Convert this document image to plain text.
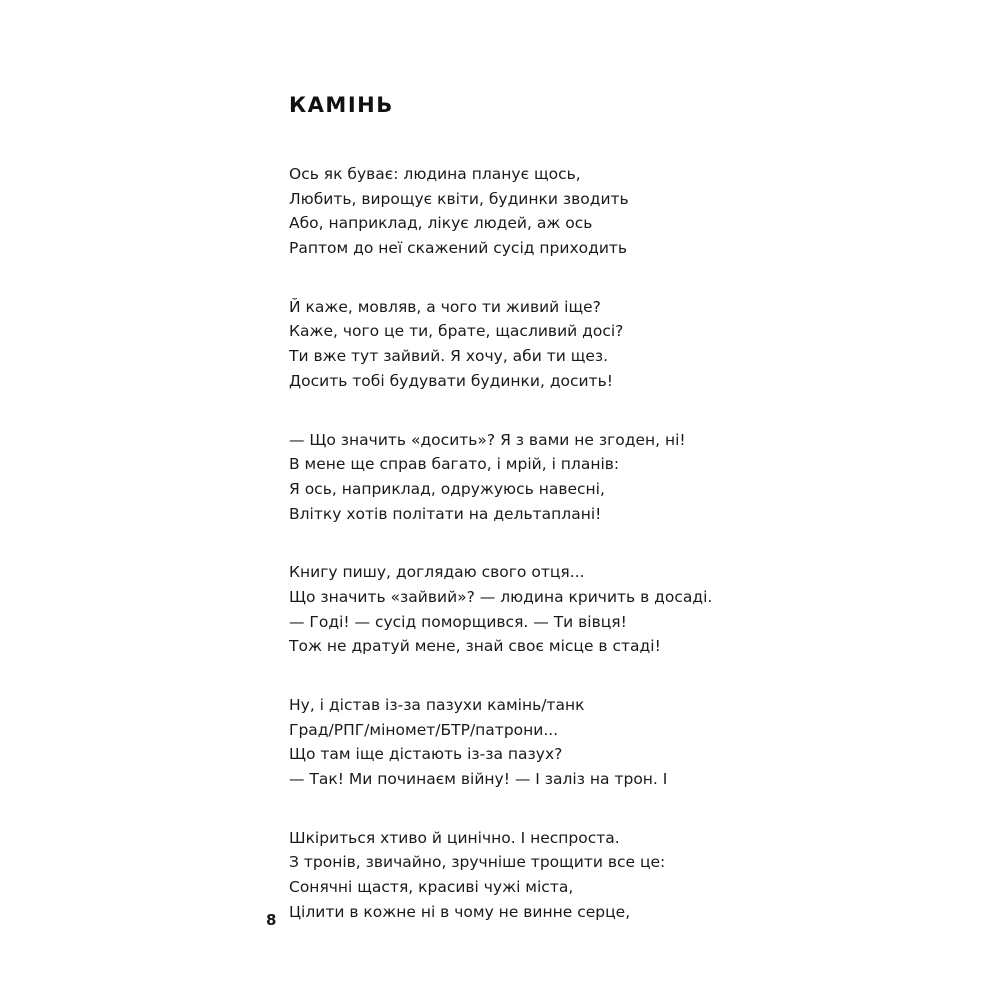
КАМІНЬ
Ось як буває: людина планує щось,
Любить, вирощує квіти, будинки зводить
Або, наприклад, лікує людей, аж ось
Раптом до неї скажений сусід приходить
Й каже, мовляв, а чого ти живий іще?
Каже, чого це ти, брате, щасливий досі?
Ти вже тут зайвий. Я хочу, аби ти щез.
Досить тобі будувати будинки, досить!
— Що значить «досить»? Я з вами не згоден, ні!
В мене ще справ багато, і мрій, і планів:
Я ось, наприклад, одружуюсь навесні,
Влітку хотів політати на дельтаплані!
Книгу пишу, доглядаю свого отця...
Що значить «зайвий»? — людина кричить в досаді.
— Годі! — сусід поморщився. — Ти вівця!
Тож не дратуй мене, знай своє місце в стаді!
Ну, і дістав із-за пазухи камінь/танк
Град/РПГ/міномет/БТР/патрони...
Що там іще дістають із-за пазух?
— Так! Ми починаєм війну! — І заліз на трон. І
Шкіриться хтиво й цинічно. І неспроста.
З тронів, звичайно, зручніше трощити все це:
Сонячні щастя, красиві чужі міста,
Цілити в кожне ні в чому не винне серце,
8
